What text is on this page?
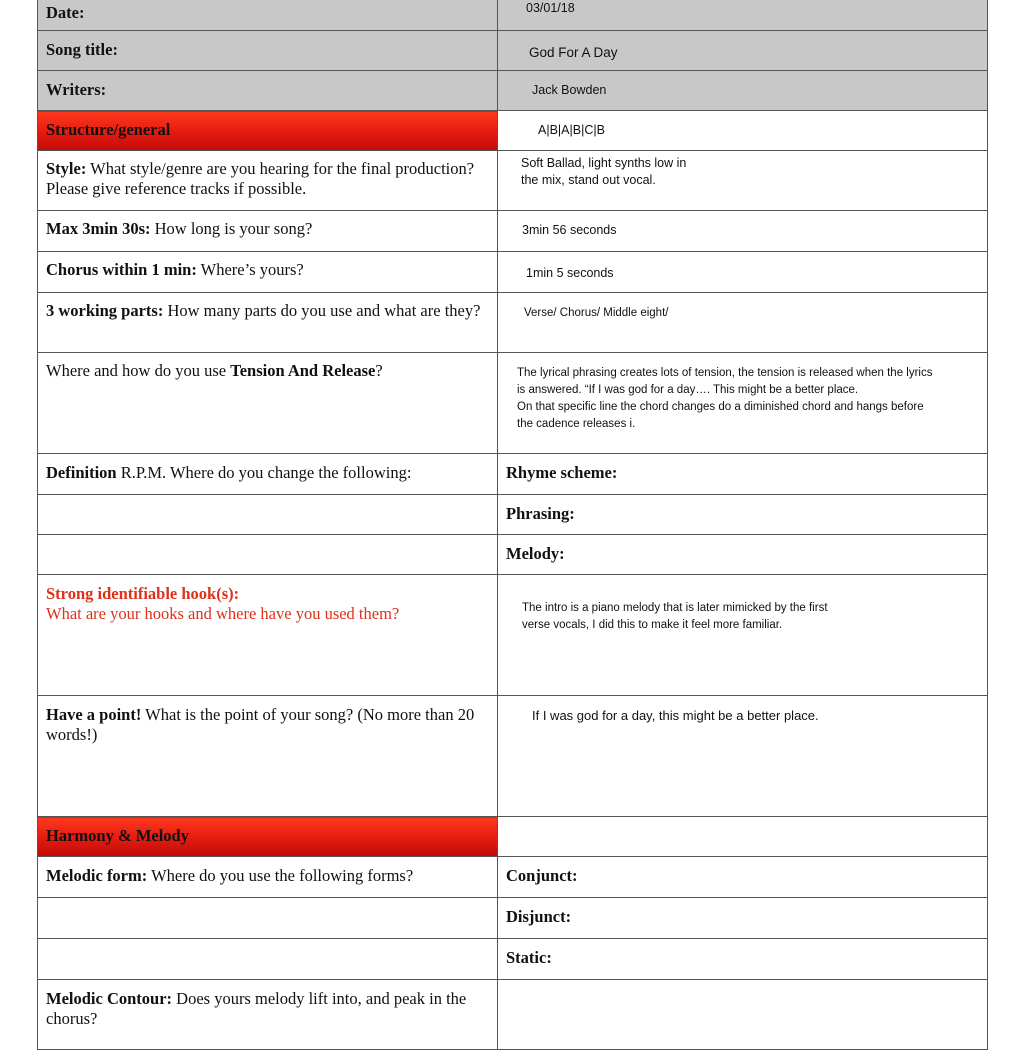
Date:	03/01/18

Song title:	God For A Day

Writers:	Jack Bowden

Structure/general	A|B|A|B|C|B

Style: What style/genre are you hearing for the final production? Please give reference tracks if possible.	Soft Ballad, light synths low in
the mix, stand out vocal.

Max 3min 30s: How long is your song?	3min 56 seconds

Chorus within 1 min: Where’s yours?	1min 5 seconds

3 working parts: How many parts do you use and what are they?	Verse/ Chorus/ Middle eight/

Where and how do you use Tension And Release?	The lyrical phrasing creates lots of tension, the tension is released when the lyrics
is answered. “If I was god for a day…. This might be a better place.
On that specific line the chord changes do a diminished chord and hangs before
the cadence releases i.

Definition R.P.M. Where do you change the following:	Rhyme scheme:

	Phrasing:

	Melody:

Strong identifiable hook(s):
What are your hooks and where have you used them?	The intro is a piano melody that is later mimicked by the first
verse vocals, I did this to make it feel more familiar.

Have a point! What is the point of your song? (No more than 20 words!)	If I was god for a day, this might be a better place.

Harmony & Melody	

Melodic form: Where do you use the following forms?	Conjunct:

	Disjunct:

	Static:

Melodic Contour: Does yours melody lift into, and peak in the chorus?	
